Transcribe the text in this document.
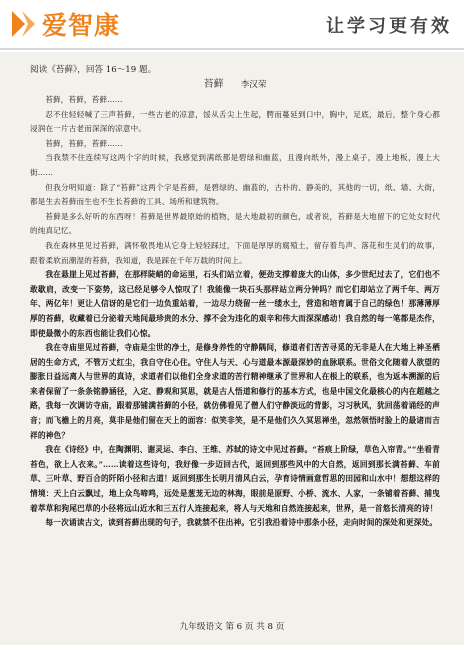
爱智康	让学习更有效
阅读《苔藓》，回答 16～19 题。
苔藓 李汉荣

苔藓，苔藓，苔藓……

忍不住轻轻喊了三声苔藓，一些古老的凉意，馁从舌尖上生起，腭而蔓延到口中，胸中，足底，最后，整个身心都浸润在一片古老而深深的凉意中。

苔藓，苔藓，苔藓……

当我禁不住连续写这两个字的时候，我感觉到满纸都是碧绿和幽蓝，且漫向纸外，漫上桌子，漫上地板，漫上大街……

但我分明知道：除了“苔藓”这两个字是苔藓，是碧绿的、幽蓝的，古朴的、静美的，其他的一切，纸、墙、大街，都是生去苔藓而生也不生长苔藓的工具、场所和建筑物。

苔藓是多么好听的东西呀！苔藓是世界最原始的植物，是大地最初的颜色，或者说，苔藓是大地留下的它处女时代的纯真记忆。

我在森林里见过苔藓，满怀敬畏地从它身上轻轻踩过，下面是厚厚的腐殖土，留存着鸟声、落花和生灵们的故事，跟着柔软而潮湿的苔藓，我知道，我是踩在千年万载的时间上。

我在悬崖上见过苔藓，在那样陡峭的命运里，石头们站立着，便劲支撑着庞大的山体，多少世纪过去了，它们也不敢歇肩，改变一下姿势，这已经足够令人惊叹了！我能像一块石头那样站立两分钟吗？而它们却站立了两千年、两万年、两亿年！更让人信讶的是它们一边负重站着，一边尽力绕留一丝一缕水土，营造和培育属于自己的绿色！那薄薄厚厚的苔藓，收藏着已分泌着天地间最珍贵的水分、撑不会为违化的艰辛和伟大而深深感动！我自然的每一笔都是杰作，即使最微小的东西也能让我们心惊。

我在寺庙里见过苔藓，寺庙是尘世的净土，是修身养性的守静隅间，修道者们苦苦寻觅的无非是人在大地上神圣栖居的生命方式，不管万丈红尘，我自守住心住。守住人与天、心与道最本源最深妙的血脉联系。世俗文化随着人欲望的膨胀日益远离人与世界的真诗，求道者们以他们全身求道的苦行精神继承了世界和人在根上的联系，也为返本溯源的后来者保留了一条条铭静涵径，入定、静观和冥思，就是古人悟道和修行的基本方式，也是中国文化最核心的内在超越之路，我每一次调访寺庙，跟着那铺满苔藓的小径，就仿佛看见了僧人们守静淡远的背影，习习秋风，犹回荡着诵经的声音；而飞檐上的月亮，莫非是他们留在天上的面容：似笑非笑，是不是他们久久冥思禅坐，忽然领悟时脸上的最诸而吉祥的神色？

我在《诗经》中，在陶渊明、谢灵运、李白、王维、苏轼的诗文中见过苔藓。“苔痕上阶绿，草色入帘青。”“坐看青苔色，欲上人衣来。”……读着这些诗句，我好像一步迈回古代，返回到那些风中的大自然，返回到那长满苔藓、车前草、三叶草、野百合的阡陌小径和古道！返回到那生长明月清风白云，孕育诗情画意哲思的田园和山水中！想想这样的情境：天上白云飘过，地上众鸟啼鸣，远处是葱茏无边的林海，眼前是原野、小桥、流水、人家，一条铺着苔藓、捕曳着萃草和狗尾巴草的小径将远山近水和三五行人连接起来，将人与天地和自然连接起来，世界，是一首悠长清亮的诗！

每一次诵读古文，读到苔藓出现的句子，我就禁不住出神。它引我沿着诗中那条小径，走向时间的深处和更深处。

九年级语文 第 6 页 共 8 页
